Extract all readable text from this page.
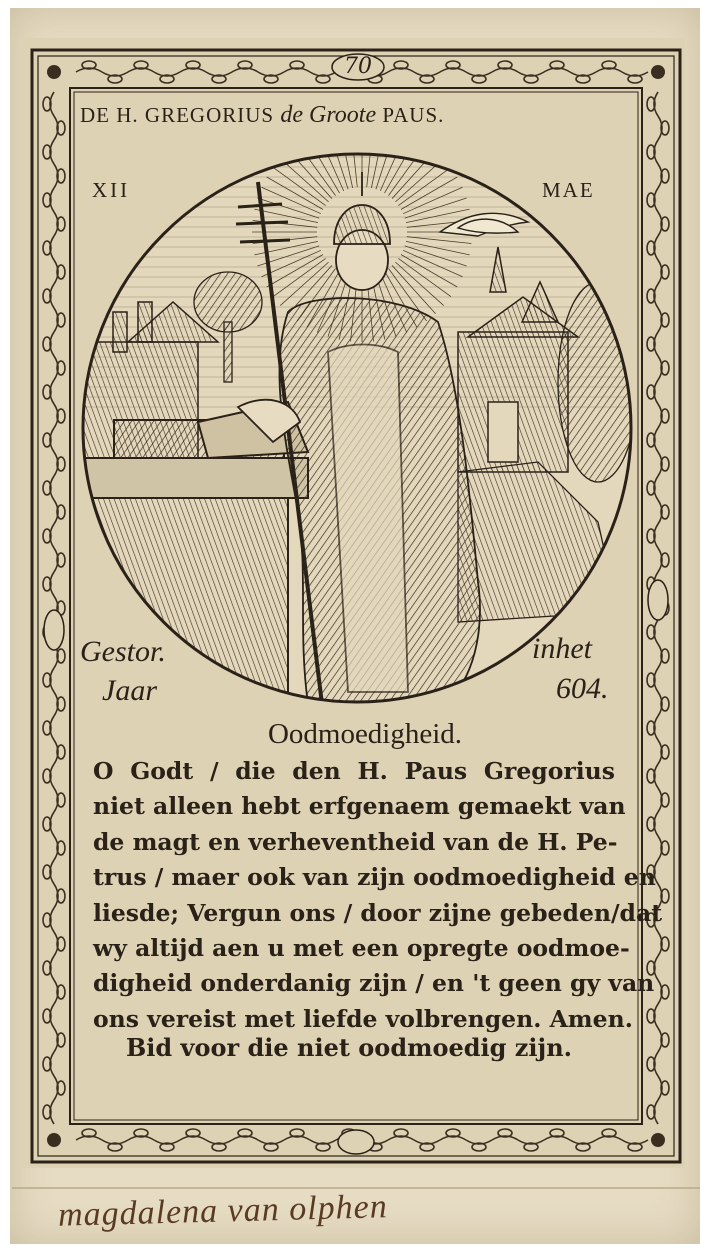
70
DE H. GREGORIUS de Groote PAUS.
XII	MAE
Gestor.
Jaar
inhet
604.
Oodmoedigheid.
O Godt / die den H. Paus Gregorius
niet alleen hebt erfgenaem gemaekt van
de magt en verheventheid van de H. Pe-
trus / maer ook van zijn oodmoedigheid en
liesde; Vergun ons / door zijne gebeden/dat
wy altijd aen u met een opregte oodmoe-
digheid onderdanig zijn / en 't geen gy van
ons vereist met liefde volbrengen. Amen.
Bid voor die niet oodmoedig zijn.
magdalena van olphen
